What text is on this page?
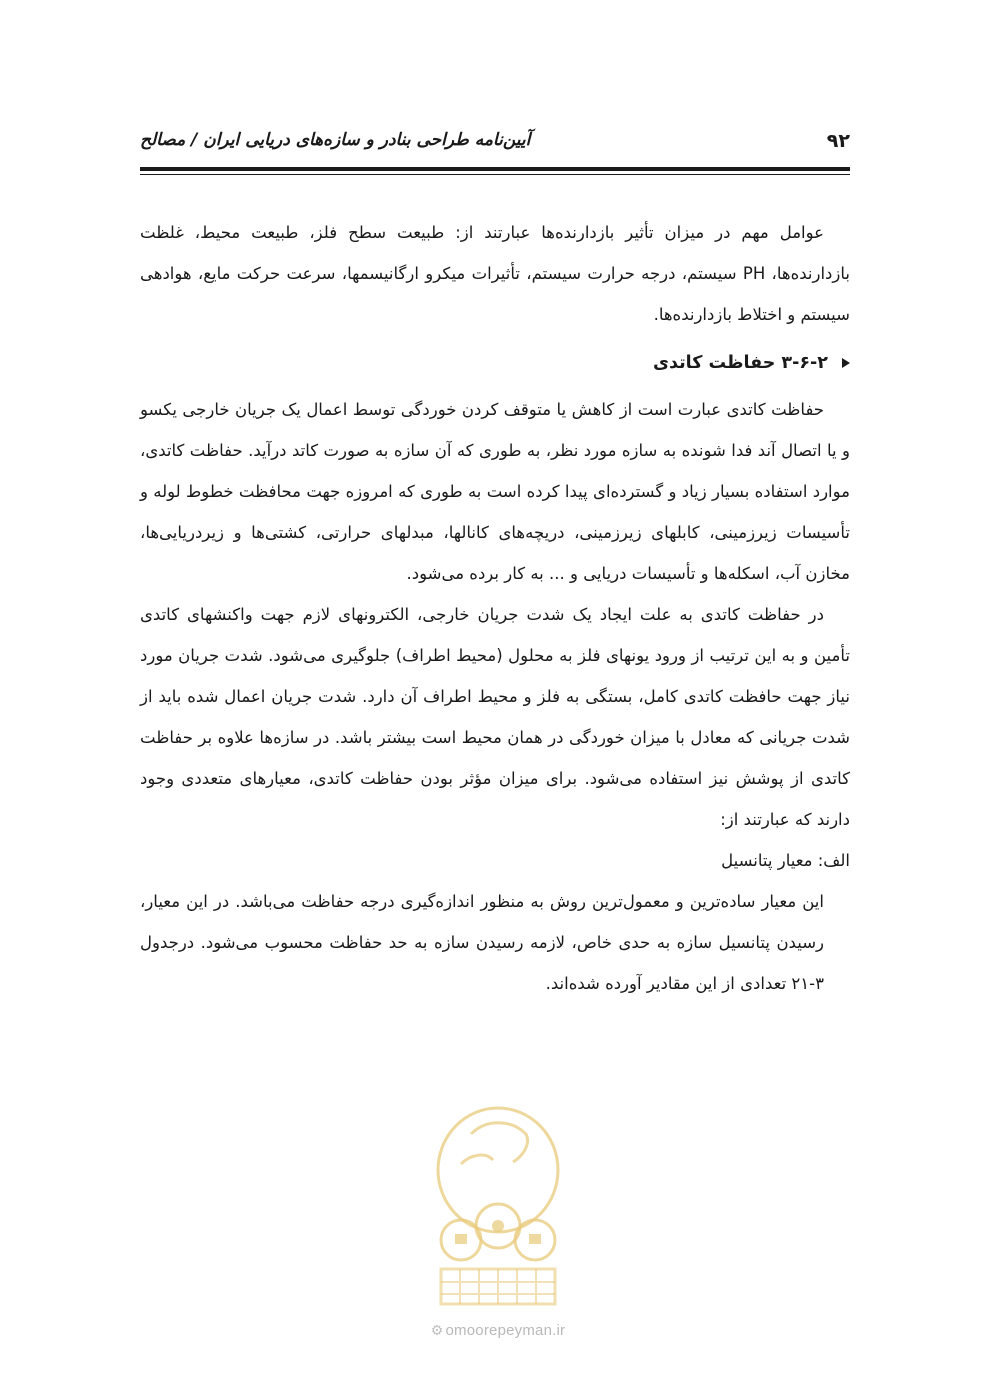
۹۲
آیین‌نامه طراحی بنادر و سازه‌های دریایی ایران / مصالح

عوامل مهم در میزان تأثیر بازدارنده‌ها عبارتند از: طبیعت سطح فلز، طبیعت محیط، غلظت بازدارنده‌ها، PH سیستم، درجه حرارت سیستم، تأثیرات میکرو ارگانیسمها، سرعت حرکت مایع، هوادهی سیستم و اختلاط بازدارنده‌ها.

۳-۶-۲ حفاظت کاتدی

حفاظت کاتدی عبارت است از کاهش یا متوقف کردن خوردگی توسط اعمال یک جریان خارجی یکسو و یا اتصال آند فدا شونده به سازه مورد نظر، به طوری که آن سازه به صورت کاتد درآید. حفاظت کاتدی، موارد استفاده بسیار زیاد و گسترده‌ای پیدا کرده است به طوری که امروزه جهت محافظت خطوط لوله و تأسیسات زیرزمینی، کابلهای زیرزمینی، دریچه‌های کانالها، مبدلهای حرارتی، کشتی‌ها و زیردریایی‌ها، مخازن آب، اسکله‌ها و تأسیسات دریایی و ... به کار برده می‌شود.

در حفاظت کاتدی به علت ایجاد یک شدت جریان خارجی، الکترونهای لازم جهت واکنشهای کاتدی تأمین و به این ترتیب از ورود یونهای فلز به محلول (محیط اطراف) جلوگیری می‌شود. شدت جریان مورد نیاز جهت حافظت کاتدی کامل، بستگی به فلز و محیط اطراف آن دارد. شدت جریان اعمال شده باید از شدت جریانی که معادل با میزان خوردگی در همان محیط است بیشتر باشد. در سازه‌ها علاوه بر حفاظت کاتدی از پوشش نیز استفاده می‌شود. برای میزان مؤثر بودن حفاظت کاتدی، معیارهای متعددی وجود دارند که عبارتند از:

الف: معیار پتانسیل

این معیار ساده‌ترین و معمول‌ترین روش به منظور اندازه‌گیری درجه حفاظت می‌باشد. در این معیار، رسیدن پتانسیل سازه به حدی خاص، لازمه رسیدن سازه به حد حفاظت محسوب می‌شود. درجدول ۳-۲۱ تعدادی از این مقادیر آورده شده‌اند.

⚙ omoorepeyman.ir
